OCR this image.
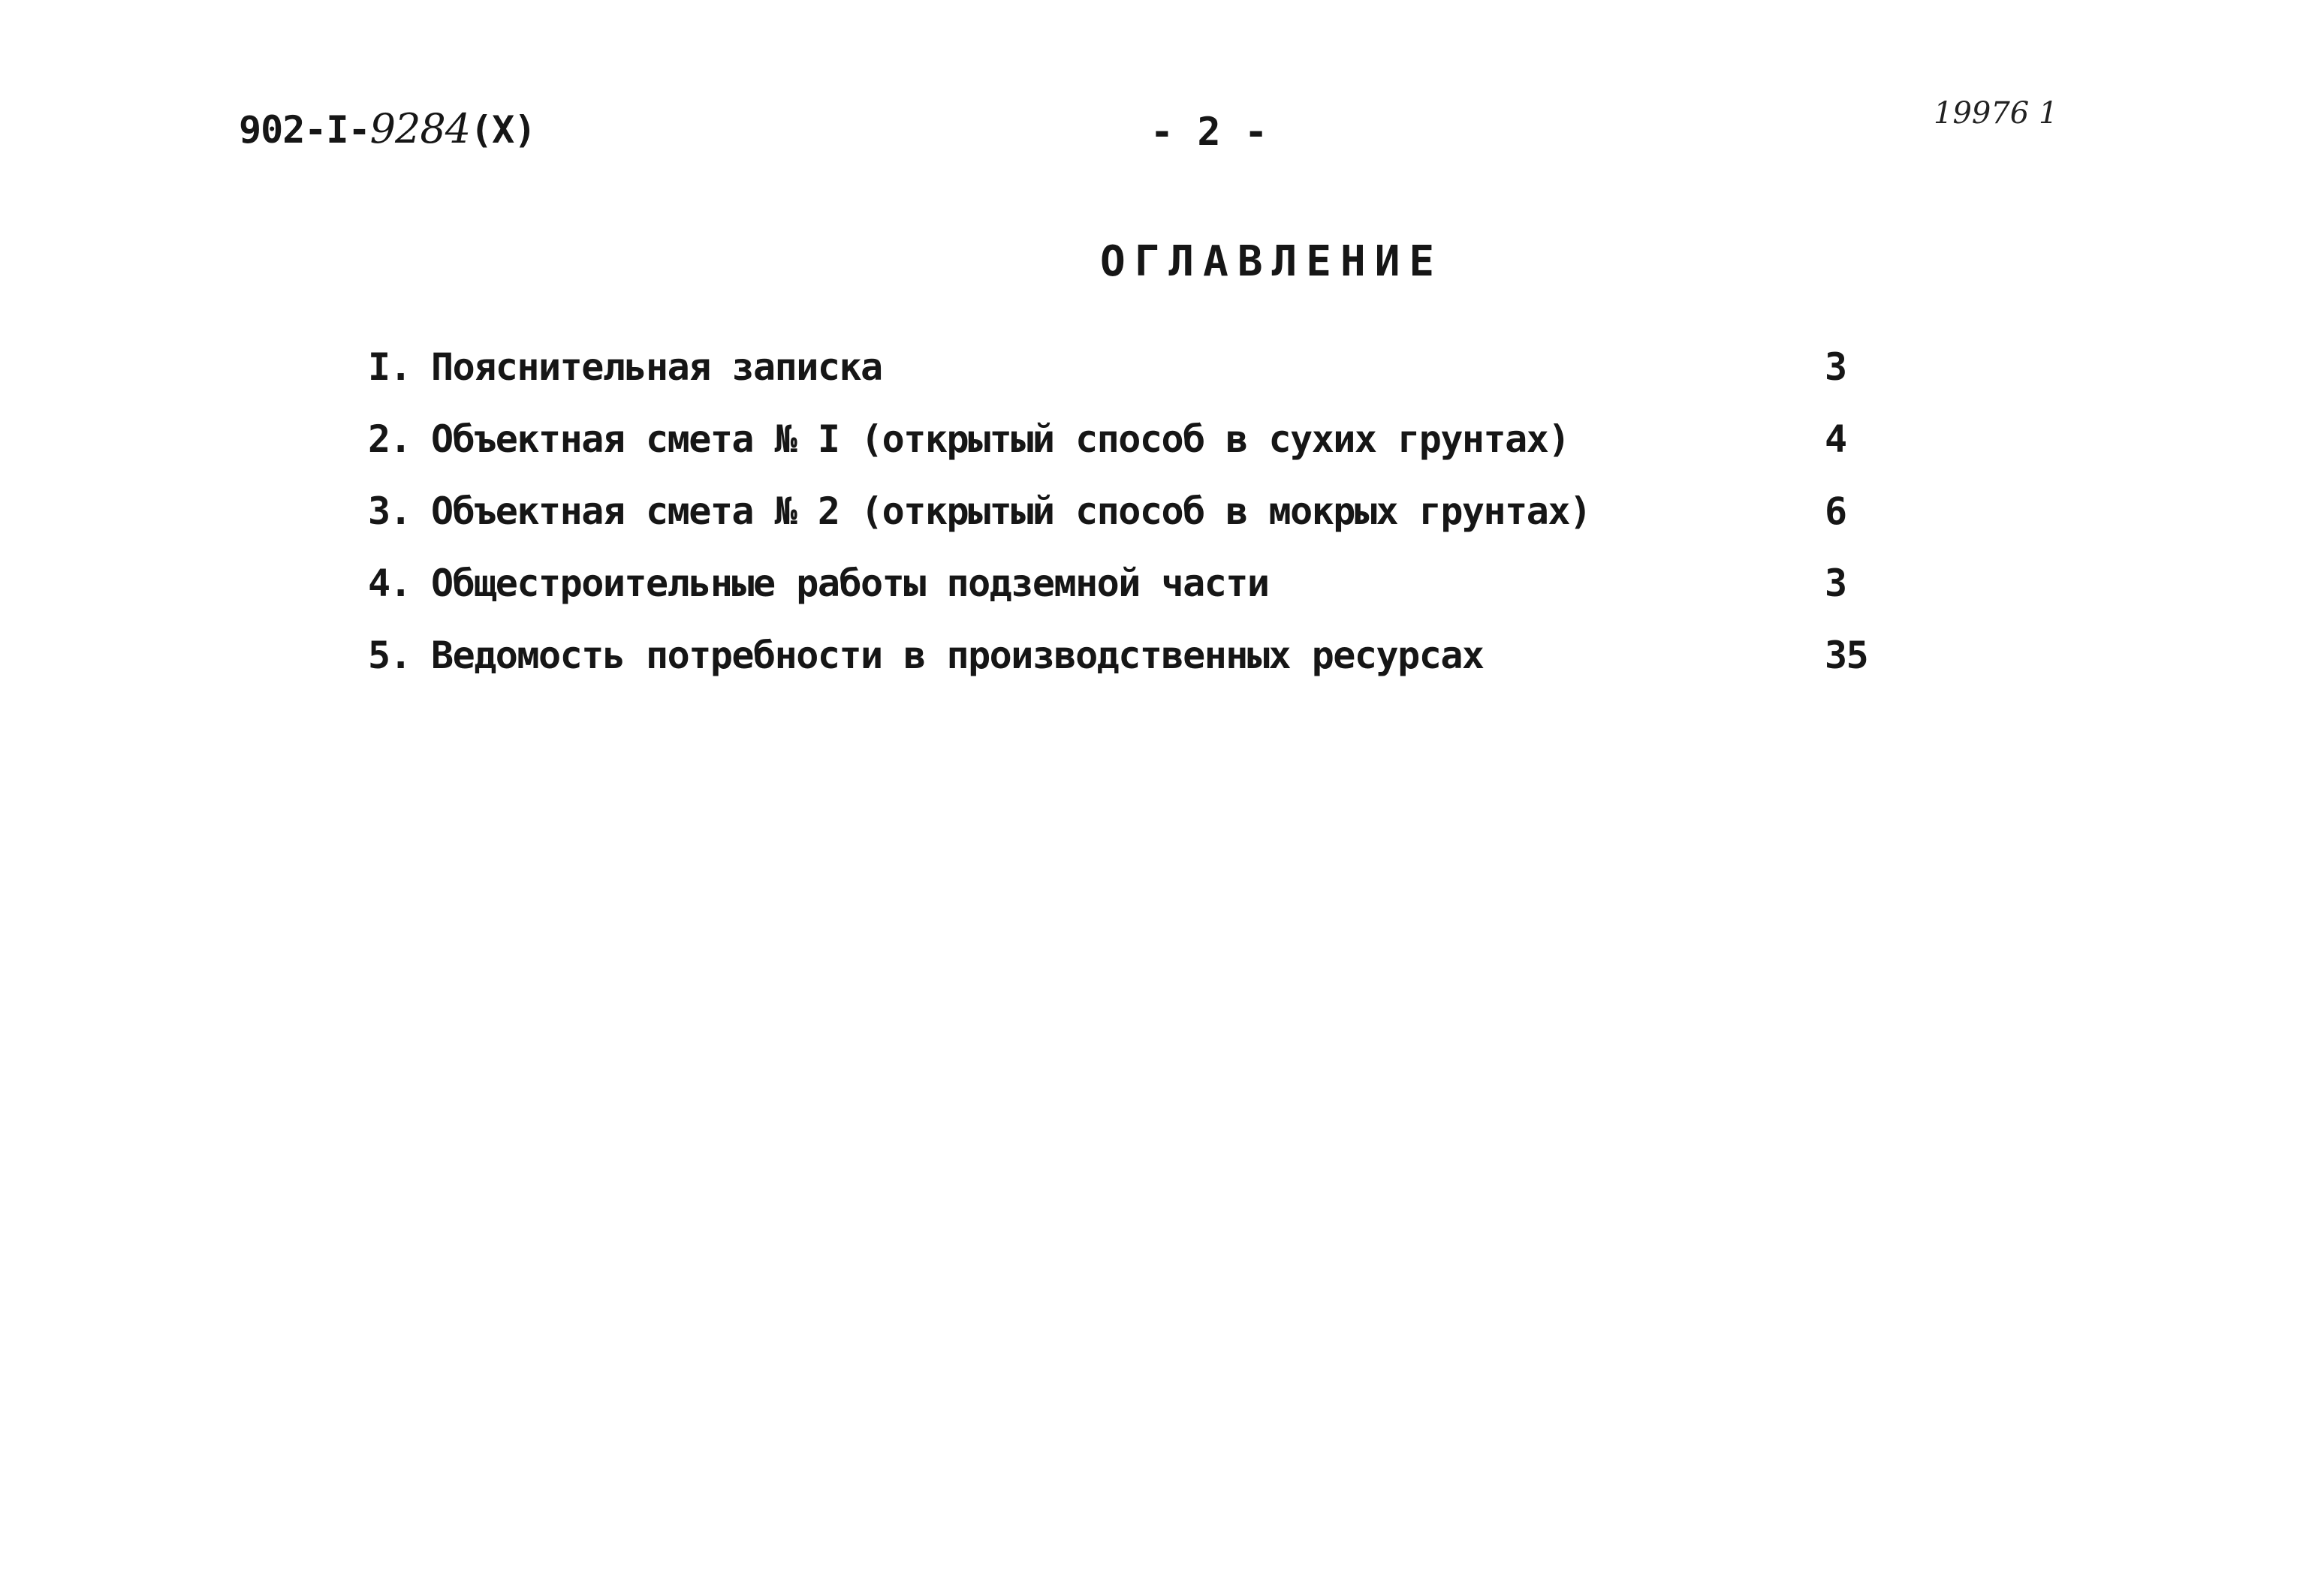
902-I-9284(X)	- 2 -	19976 1
ОГЛАВЛЕНИЕ
I. Пояснительная записка	3
2. Объектная смета № I (открытый способ в сухих грунтах)	4
3. Объектная смета № 2 (открытый способ в мокрых грунтах)	6
4. Общестроительные работы подземной части	3
5. Ведомость потребности в производственных ресурсах	35
